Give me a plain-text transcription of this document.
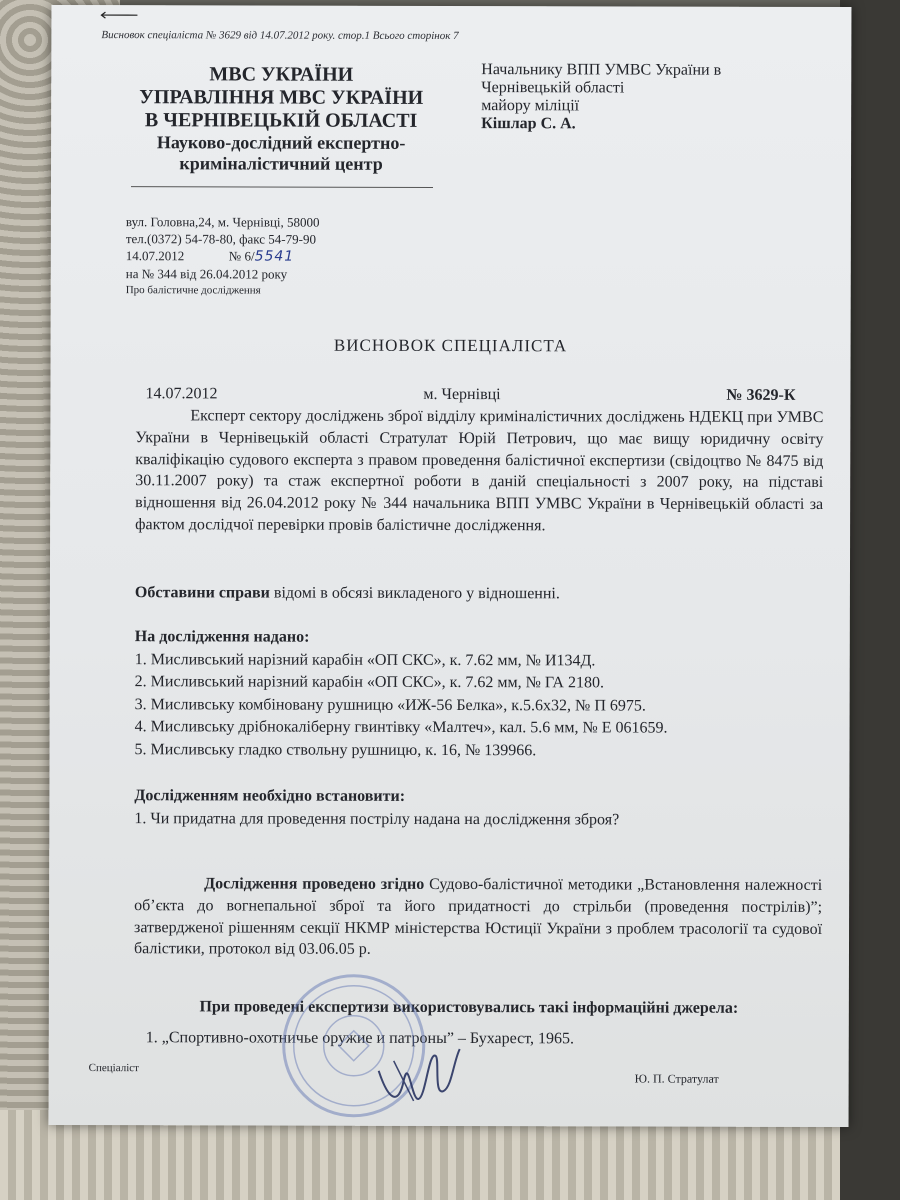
Висновок спеціаліста № 3629 від 14.07.2012 року. стор.1 Всього сторінок 7
МВС УКРАЇНИ
УПРАВЛІННЯ МВС УКРАЇНИ
В ЧЕРНІВЕЦЬКІЙ ОБЛАСТІ
Науково-дослідний експертно-
криміналістичний центр
Начальнику ВПП УМВС України в
Чернівецькій області
майору міліції
Кішлар С. А.
вул. Головна,24, м. Чернівці, 58000
тел.(0372) 54-78-80, факс 54-79-90
14.07.2012	№ 6/5541
на № 344 від 26.04.2012 року
Про балістичне дослідження
ВИСНОВОК СПЕЦІАЛІСТА
14.07.2012	м. Чернівці	№ 3629-К
Експерт сектору досліджень зброї відділу криміналістичних досліджень НДЕКЦ при УМВС України в Чернівецькій області Стратулат Юрій Петрович, що має вищу юридичну освіту кваліфікацію судового експерта з правом проведення балістичної експертизи (свідоцтво № 8475 від 30.11.2007 року) та стаж експертної роботи в даній спеціальності з 2007 року, на підставі відношення від 26.04.2012 року № 344 начальника ВПП УМВС України в Чернівецькій області за фактом дослідчої перевірки провів балістичне дослідження.
Обставини справи відомі в обсязі викладеного у відношенні.
На дослідження надано:
1. Мисливський нарізний карабін «ОП СКС», к. 7.62 мм, № И134Д.
2. Мисливський нарізний карабін «ОП СКС», к. 7.62 мм, № ГА 2180.
3. Мисливську комбіновану рушницю «ИЖ-56 Белка», к.5.6х32, № П 6975.
4. Мисливську дрібнокаліберну гвинтівку «Малтеч», кал. 5.6 мм, № Е 061659.
5. Мисливську гладко ствольну рушницю, к. 16, № 139966.
Дослідженням необхідно встановити:
1. Чи придатна для проведення пострілу надана на дослідження зброя?
Дослідження проведено згідно Судово-балістичної методики „Встановлення належності об’єкта до вогнепальної зброї та його придатності до стрільби (проведення пострілів)”; затвердженої рішенням секції НКМР міністерства Юстиції України з проблем трасології та судової балістики, протокол від 03.06.05 р.
При проведені експертизи використовувались такі інформаційні джерела:
1. „Спортивно-охотничье оружие и патроны” – Бухарест, 1965.
Спеціаліст
Ю. П. Стратулат
